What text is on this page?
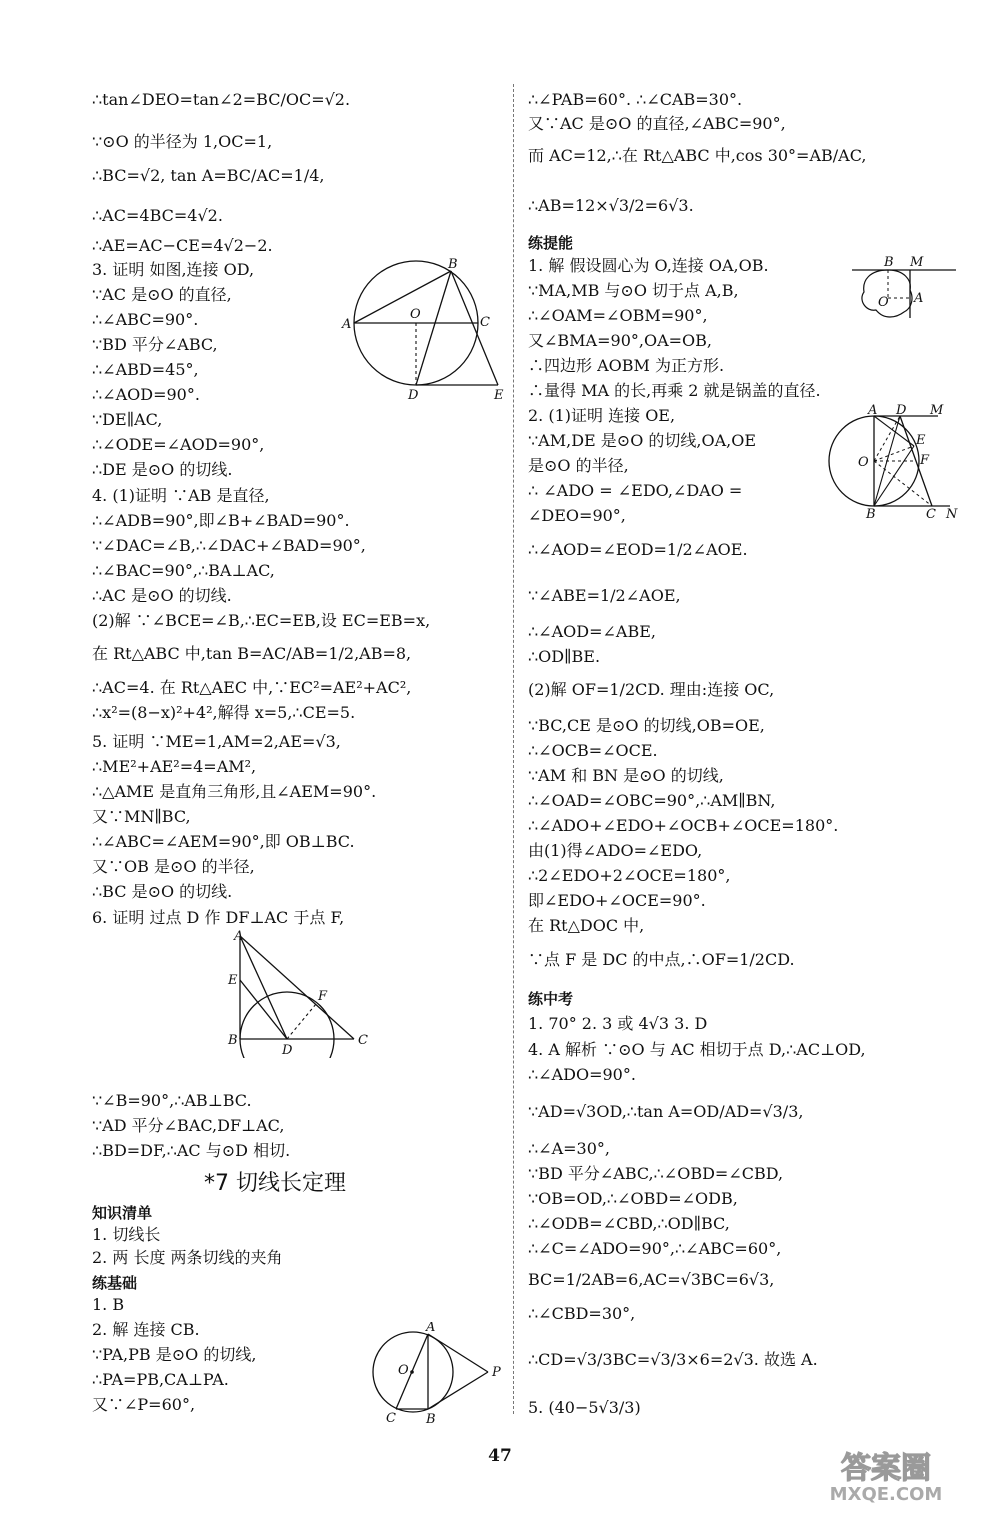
∴tan∠DEO=tan∠2=BC/OC=√2.
∵⊙O 的半径为 1,OC=1,
∴BC=√2, tan A=BC/AC=1/4,
∴AC=4BC=4√2.
∴AE=AC−CE=4√2−2.
3. 证明 如图,连接 OD,
∵AC 是⊙O 的直径,
∴∠ABC=90°.
∵BD 平分∠ABC,
∴∠ABD=45°,
∴∠AOD=90°.
∵DE∥AC,
∴∠ODE=∠AOD=90°,
∴DE 是⊙O 的切线.
4. (1)证明 ∵AB 是直径,
∴∠ADB=90°,即∠B+∠BAD=90°.
∵∠DAC=∠B,∴∠DAC+∠BAD=90°,
∴∠BAC=90°,∴BA⊥AC,
∴AC 是⊙O 的切线.
(2)解 ∵∠BCE=∠B,∴EC=EB,设 EC=EB=x,
在 Rt△ABC 中,tan B=AC/AB=1/2,AB=8,
∴AC=4. 在 Rt△AEC 中,∵EC²=AE²+AC²,
∴x²=(8−x)²+4²,解得 x=5,∴CE=5.
5. 证明 ∵ME=1,AM=2,AE=√3,
∴ME²+AE²=4=AM²,
∴△AME 是直角三角形,且∠AEM=90°.
又∵MN∥BC,
∴∠ABC=∠AEM=90°,即 OB⊥BC.
又∵OB 是⊙O 的半径,
∴BC 是⊙O 的切线.
6. 证明 过点 D 作 DF⊥AC 于点 F,
∵∠B=90°,∴AB⊥BC.
∵AD 平分∠BAC,DF⊥AC,
∴BD=DF,∴AC 与⊙D 相切.
*7 切线长定理
知识清单
1. 切线长
2. 两 长度 两条切线的夹角
练基础
1. B
2. 解 连接 CB.
∵PA,PB 是⊙O 的切线,
∴PA=PB,CA⊥PA.
又∵∠P=60°,
A
B
C
D	E
O
A
E
B
D
F
C
A
O	P
C B
∴∠PAB=60°. ∴∠CAB=30°.
又∵AC 是⊙O 的直径,∠ABC=90°,
而 AC=12,∴在 Rt△ABC 中,cos 30°=AB/AC,
∴AB=12×√3/2=6√3.
练提能
1. 解 假设圆心为 O,连接 OA,OB.
∵MA,MB 与⊙O 切于点 A,B,
∴∠OAM=∠OBM=90°,
又∠BMA=90°,OA=OB,
∴四边形 AOBM 为正方形.
∴量得 MA 的长,再乘 2 就是锅盖的直径.
2. (1)证明 连接 OE,
∵AM,DE 是⊙O 的切线,OA,OE
是⊙O 的半径,
∴ ∠ADO = ∠EDO,∠DAO =
∠DEO=90°,
∴∠AOD=∠EOD=1/2∠AOE.
∵∠ABE=1/2∠AOE,
∴∠AOD=∠ABE,
∴OD∥BE.
(2)解 OF=1/2CD. 理由:连接 OC,
∵BC,CE 是⊙O 的切线,OB=OE,
∴∠OCB=∠OCE.
∵AM 和 BN 是⊙O 的切线,
∴∠OAD=∠OBC=90°,∴AM∥BN,
∴∠ADO+∠EDO+∠OCB+∠OCE=180°.
由(1)得∠ADO=∠EDO,
∴2∠EDO+2∠OCE=180°,
即∠EDO+∠OCE=90°.
在 Rt△DOC 中,
∵点 F 是 DC 的中点,∴OF=1/2CD.
练中考
1. 70° 2. 3 或 4√3 3. D
4. A 解析 ∵⊙O 与 AC 相切于点 D,∴AC⊥OD,
∴∠ADO=90°.
∵AD=√3OD,∴tan A=OD/AD=√3/3,
∴∠A=30°,
∵BD 平分∠ABC,∴∠OBD=∠CBD,
∵OB=OD,∴∠OBD=∠ODB,
∴∠ODB=∠CBD,∴OD∥BC,
∴∠C=∠ADO=90°,∴∠ABC=60°,
BC=1/2AB=6,AC=√3BC=6√3,
∴∠CBD=30°,
∴CD=√3/3BC=√3/3×6=2√3. 故选 A.
5. (40−5√3/3)
B M
O A
A D M
E
F
O
B	C N
47	答案圈
MXQE.COM
